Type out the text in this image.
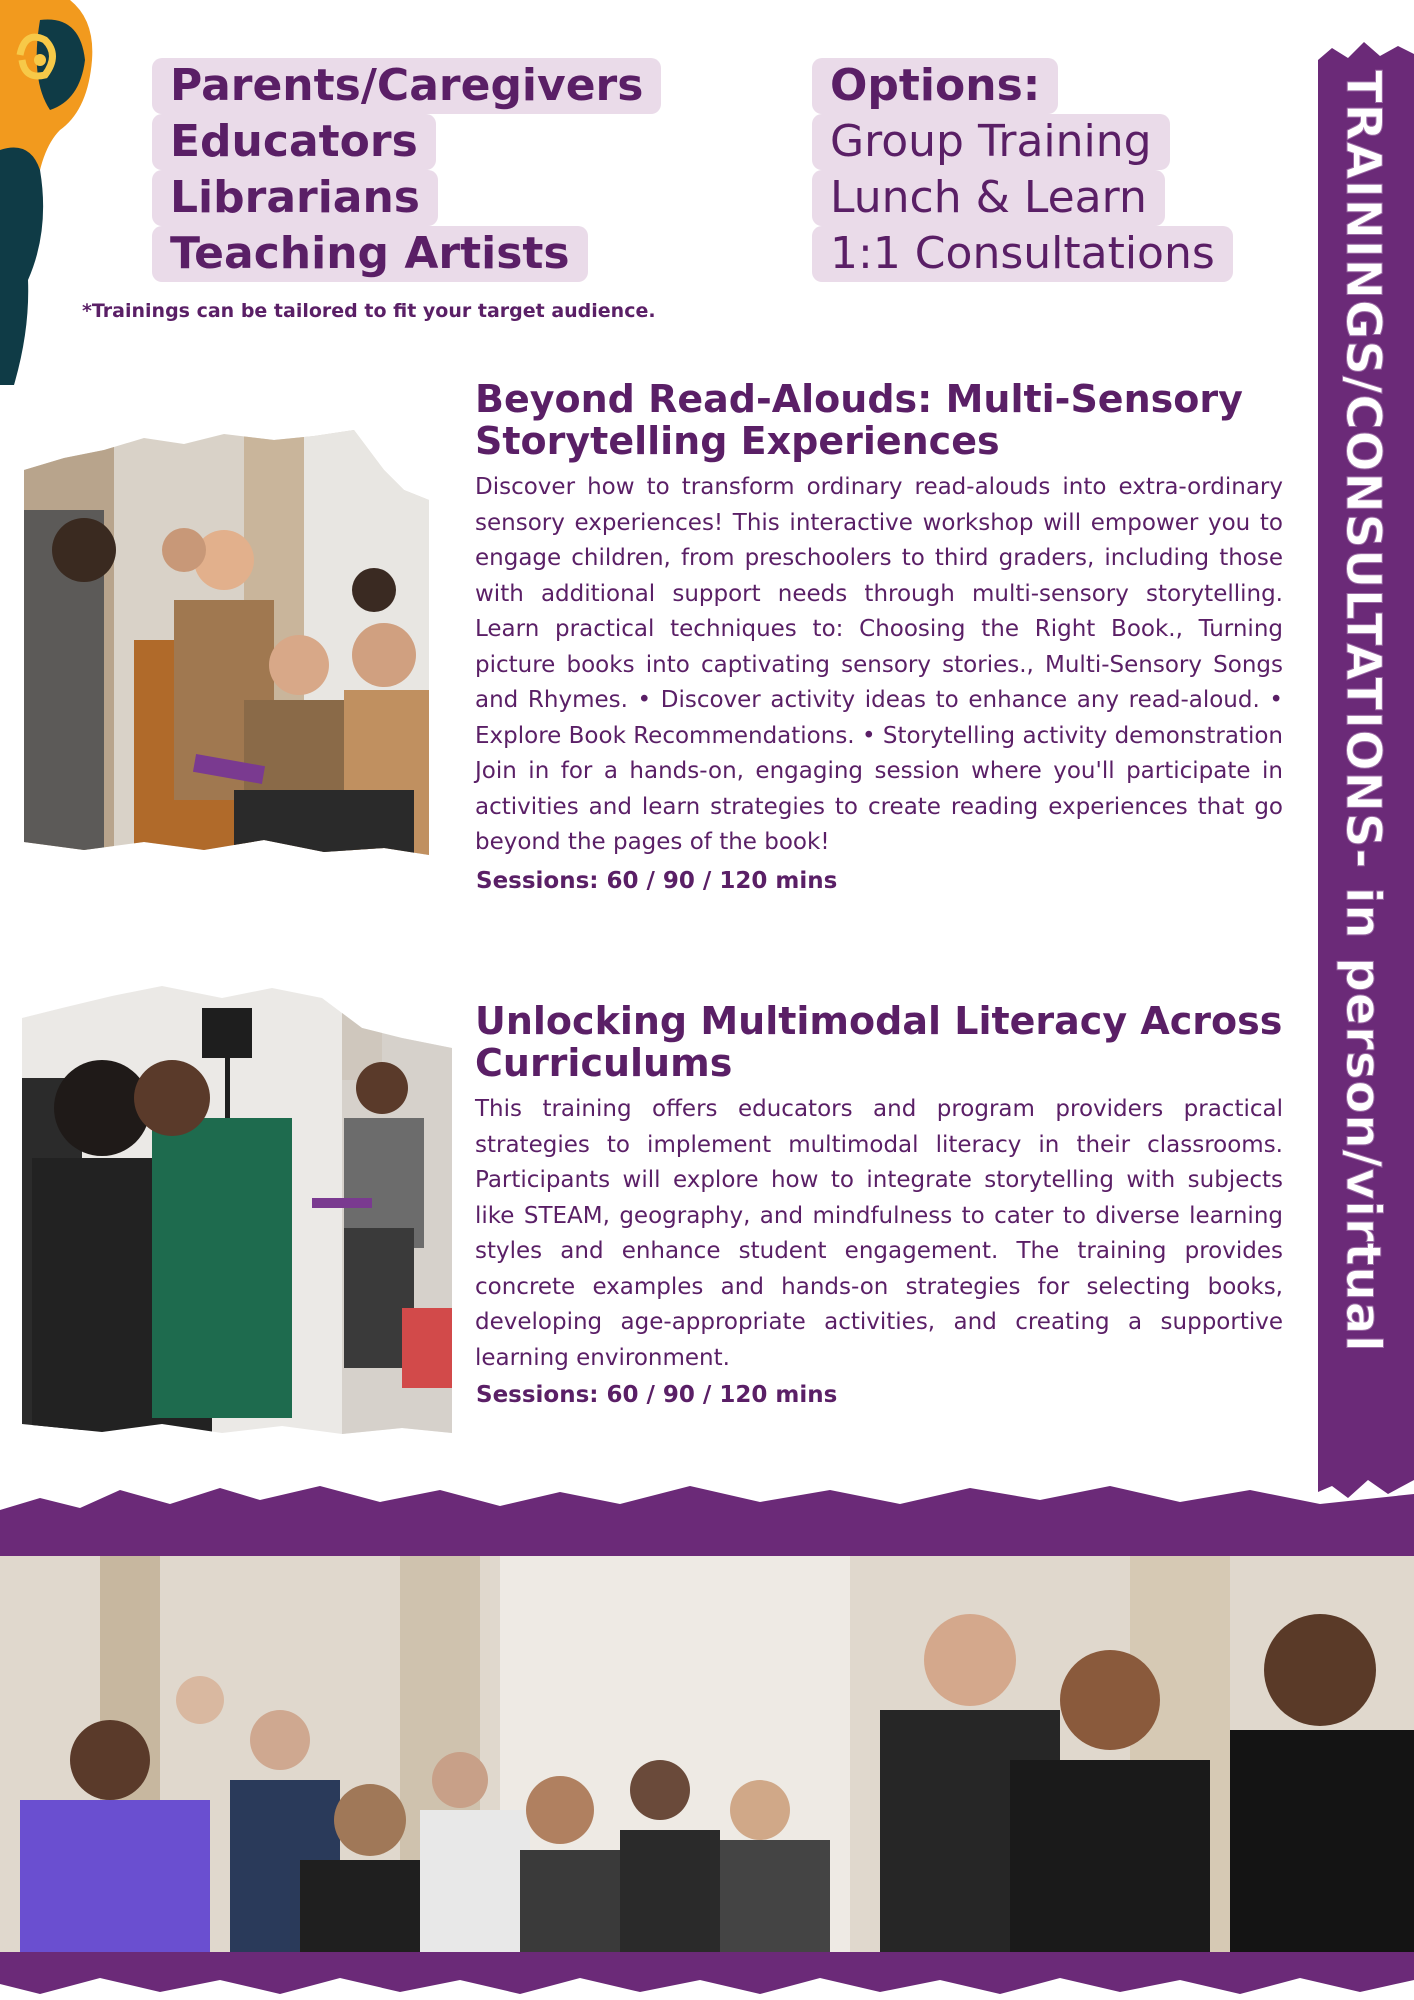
Parents/Caregivers
Educators
Librarians
Teaching Artists
*Trainings can be tailored to fit your target audience.
Options:
Group Training
Lunch & Learn
1:1 Consultations	TRAININGS/CONSULTATIONS- in person/virtual
Beyond Read-Alouds: Multi-Sensory Storytelling Experiences
Discover how to transform ordinary read-alouds into extra-ordinary sensory experiences! This interactive workshop will empower you to engage children, from preschoolers to third graders, including those with additional support needs through multi-sensory storytelling. Learn practical techniques to: Choosing the Right Book., Turning picture books into captivating sensory stories., Multi-Sensory Songs and Rhymes. • Discover activity ideas to enhance any read-aloud. • Explore Book Recommendations. • Storytelling activity demonstration Join in for a hands-on, engaging session where you'll participate in activities and learn strategies to create reading experiences that go beyond the pages of the book!
Sessions: 60 / 90 / 120 mins
Unlocking Multimodal Literacy Across Curriculums
This training offers educators and program providers practical strategies to implement multimodal literacy in their classrooms. Participants will explore how to integrate storytelling with subjects like STEAM, geography, and mindfulness to cater to diverse learning styles and enhance student engagement. The training provides concrete examples and hands-on strategies for selecting books, developing age-appropriate activities, and creating a supportive learning environment.
Sessions: 60 / 90 / 120 mins
